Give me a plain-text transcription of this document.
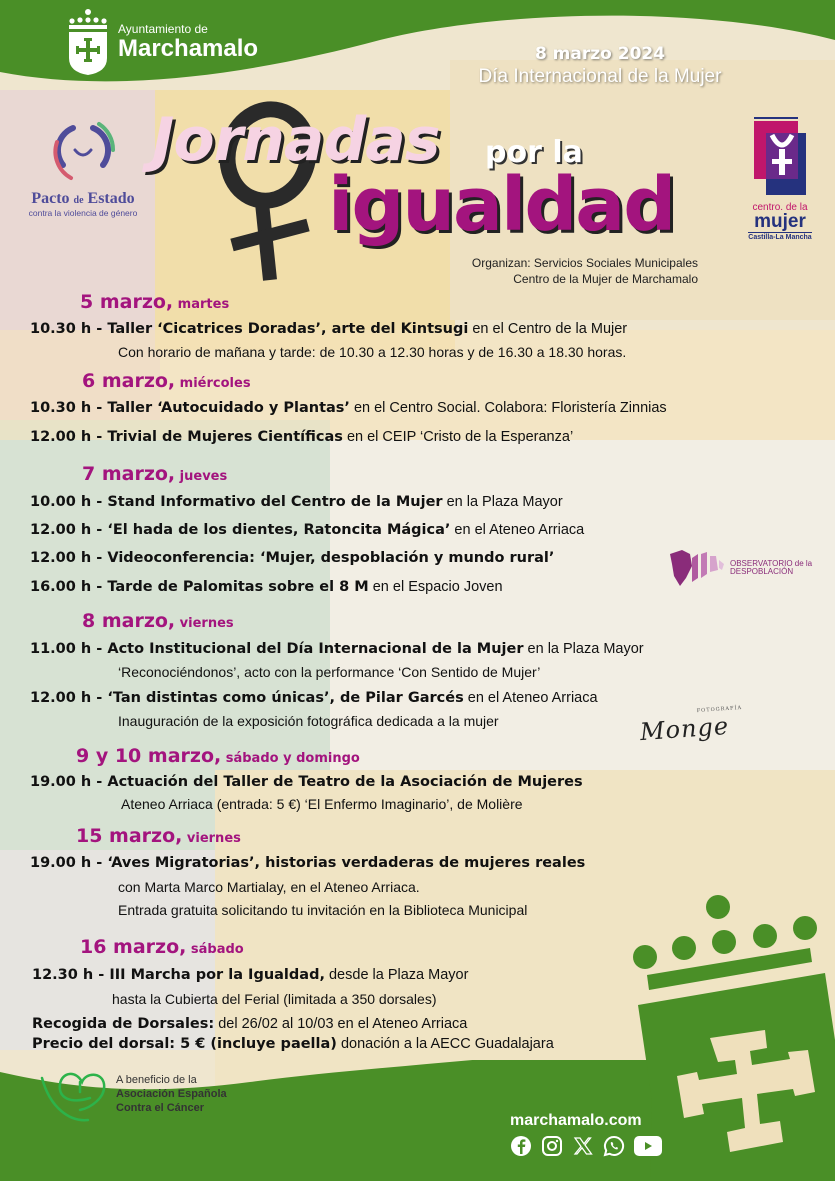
Ayuntamiento de
Marchamalo	8 marzo 2024
Día Internacional de la Mujer
Pacto de Estado
contra la violencia de género
Jornadas por la
igualdad
Organizan: Servicios Sociales Municipales
Centro de la Mujer de Marchamalo
centro. de la
mujer
Castilla-La Mancha
5 marzo, martes
10.30 h - Taller ‘Cicatrices Doradas’, arte del Kintsugi en el Centro de la Mujer
Con horario de mañana y tarde: de 10.30 a 12.30 horas y de 16.30 a 18.30 horas.
6 marzo, miércoles
10.30 h - Taller ‘Autocuidado y Plantas’ en el Centro Social. Colabora: Floristería Zinnias
12.00 h - Trivial de Mujeres Científicas en el CEIP ‘Cristo de la Esperanza’
7 marzo, jueves
10.00 h - Stand Informativo del Centro de la Mujer en la Plaza Mayor
12.00 h - ‘El hada de los dientes, Ratoncita Mágica’ en el Ateneo Arriaca
12.00 h - Videoconferencia: ‘Mujer, despoblación y mundo rural’
16.00 h - Tarde de Palomitas sobre el 8 M en el Espacio Joven
8 marzo, viernes
11.00 h - Acto Institucional del Día Internacional de la Mujer en la Plaza Mayor
‘Reconociéndonos’, acto con la performance ‘Con Sentido de Mujer’
12.00 h - ‘Tan distintas como únicas’, de Pilar Garcés en el Ateneo Arriaca
Inauguración de la exposición fotográfica dedicada a la mujer
9 y 10 marzo, sábado y domingo
19.00 h - Actuación del Taller de Teatro de la Asociación de Mujeres
Ateneo Arriaca (entrada: 5 €) ‘El Enfermo Imaginario’, de Molière
15 marzo, viernes
19.00 h - ‘Aves Migratorias’, historias verdaderas de mujeres reales
con Marta Marco Martialay, en el Ateneo Arriaca.
Entrada gratuita solicitando tu invitación en la Biblioteca Municipal
16 marzo, sábado
12.30 h - III Marcha por la Igualdad, desde la Plaza Mayor
hasta la Cubierta del Ferial (limitada a 350 dorsales)
Recogida de Dorsales: del 26/02 al 10/03 en el Ateneo Arriaca
Precio del dorsal: 5 € (incluye paella) donación a la AECC Guadalajara
OBSERVATORIO de la
DESPOBLACIÓN
FOTOGRAFÍA
Monge
A beneficio de la
Asociación Española
Contra el Cáncer
marchamalo.com
